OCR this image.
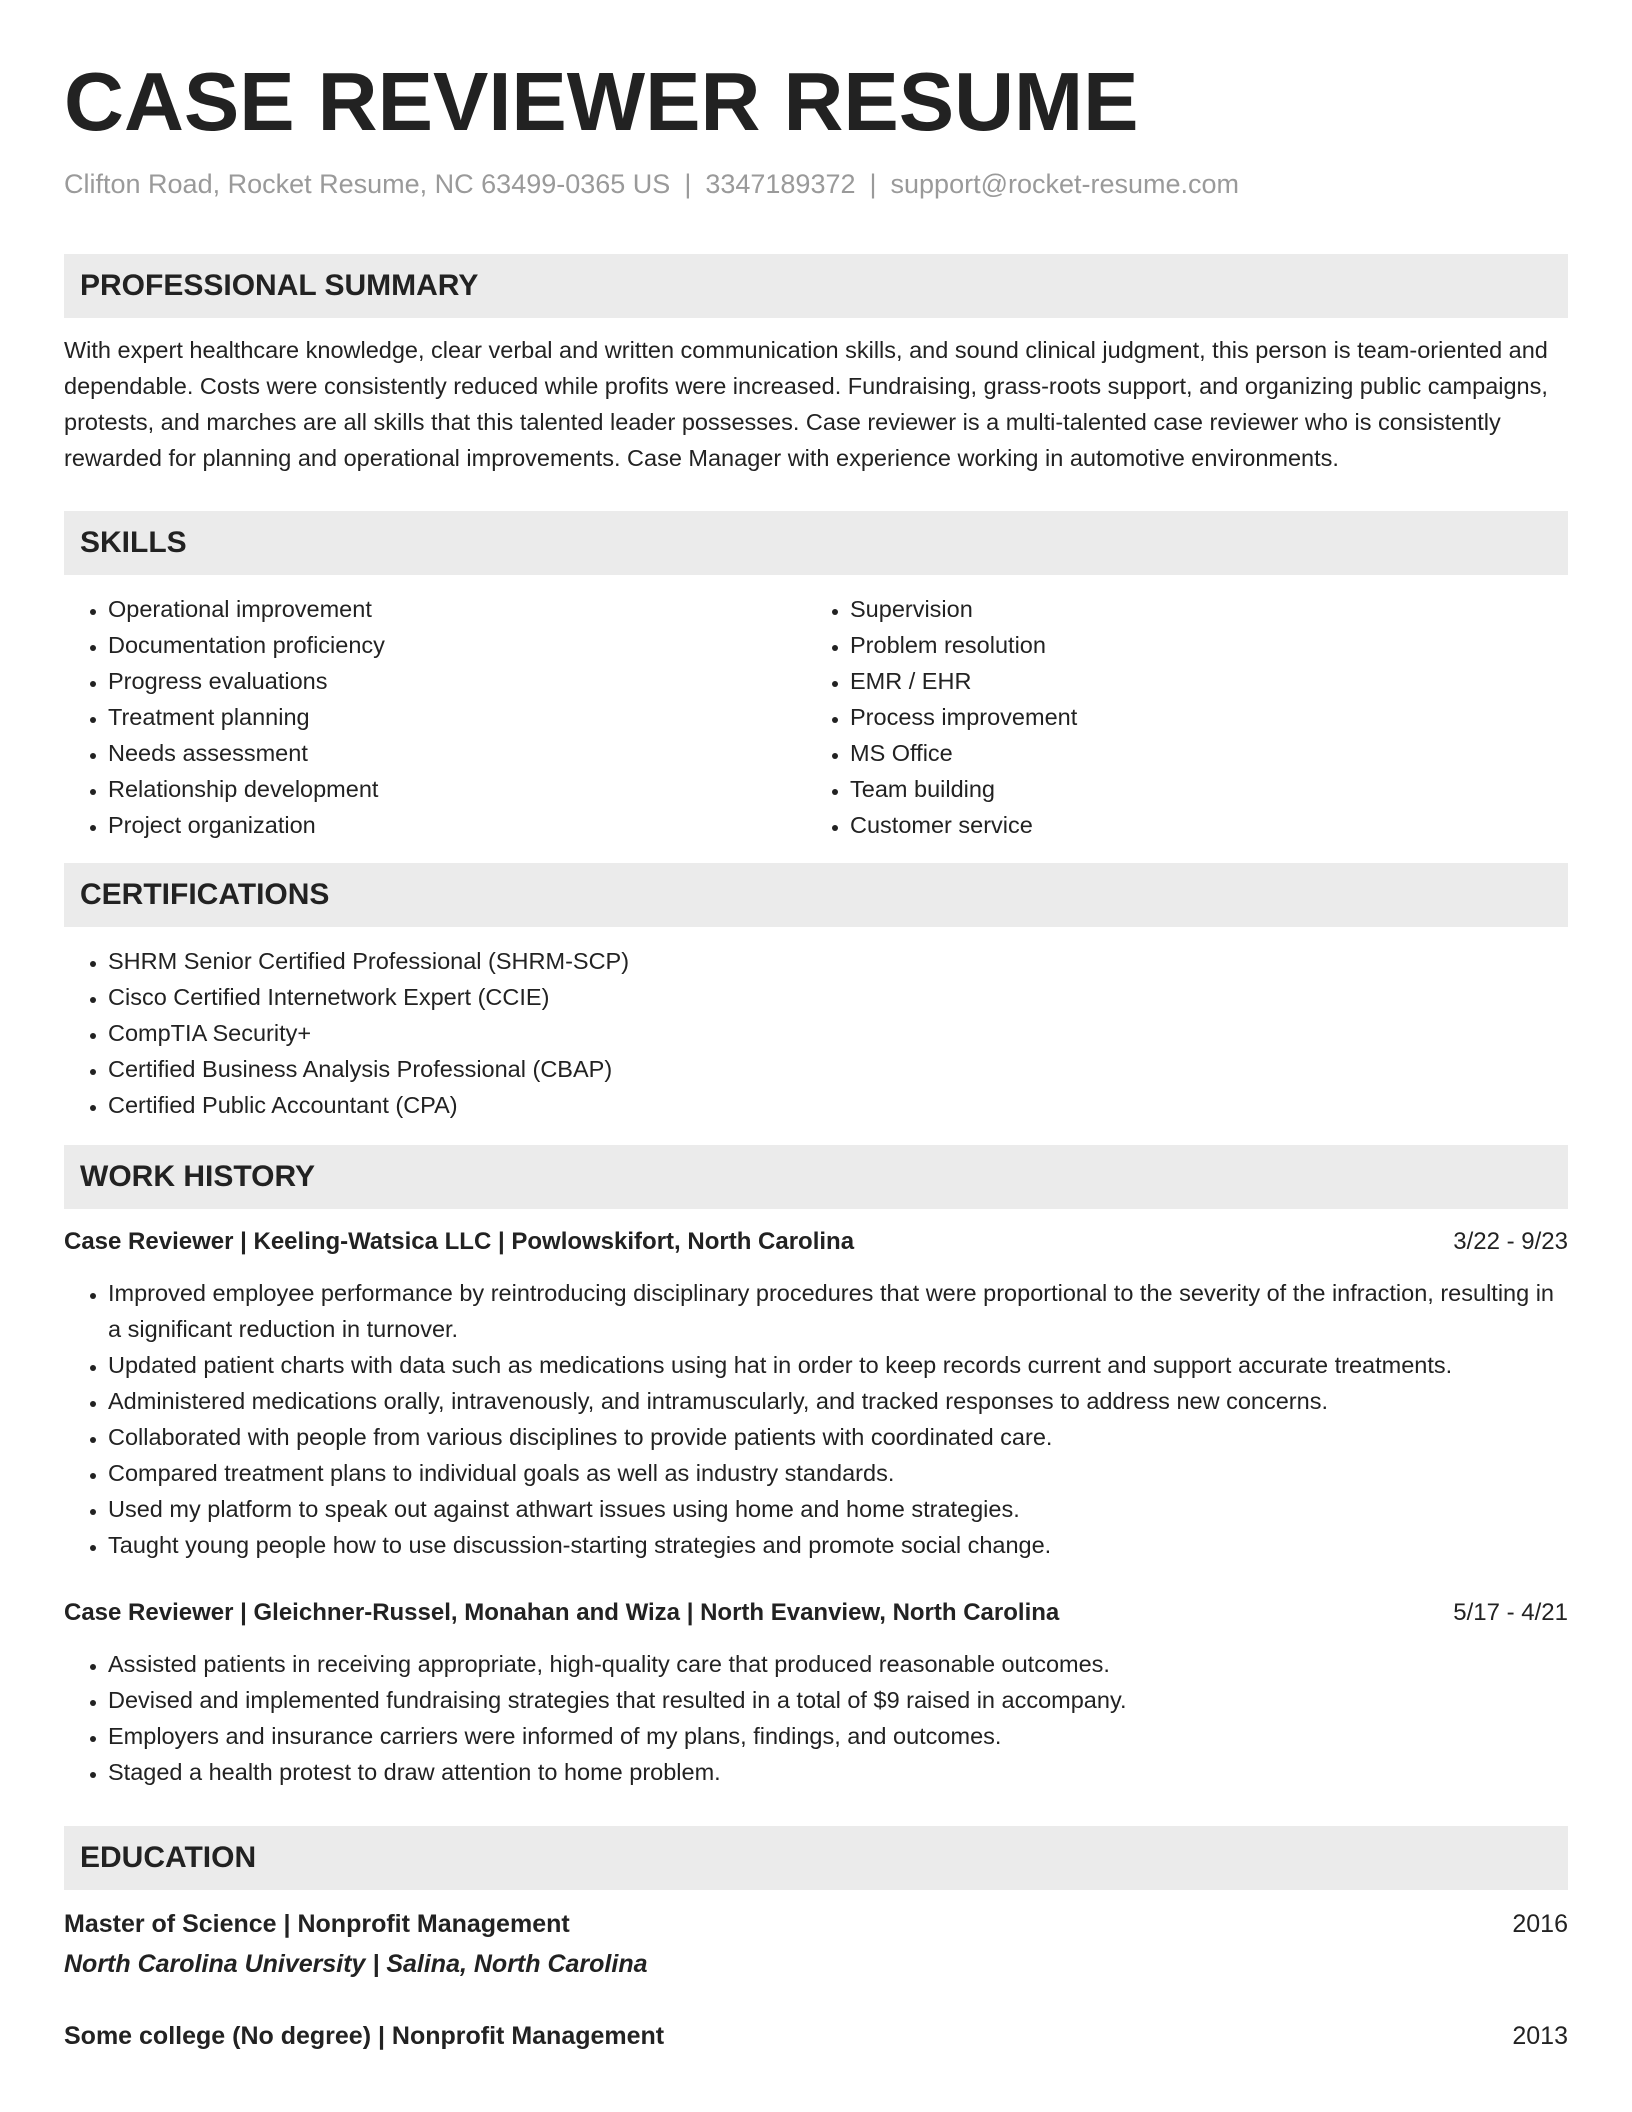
CASE REVIEWER RESUME
Clifton Road, Rocket Resume, NC 63499-0365 US | 3347189372 | support@rocket-resume.com
PROFESSIONAL SUMMARY
With expert healthcare knowledge, clear verbal and written communication skills, and sound clinical judgment, this person is team-oriented and dependable. Costs were consistently reduced while profits were increased. Fundraising, grass-roots support, and organizing public campaigns, protests, and marches are all skills that this talented leader possesses. Case reviewer is a multi-talented case reviewer who is consistently rewarded for planning and operational improvements. Case Manager with experience working in automotive environments.
SKILLS
• Operational improvement
• Documentation proficiency
• Progress evaluations
• Treatment planning
• Needs assessment
• Relationship development
• Project organization
• Supervision
• Problem resolution
• EMR / EHR
• Process improvement
• MS Office
• Team building
• Customer service
CERTIFICATIONS
• SHRM Senior Certified Professional (SHRM-SCP)
• Cisco Certified Internetwork Expert (CCIE)
• CompTIA Security+
• Certified Business Analysis Professional (CBAP)
• Certified Public Accountant (CPA)
WORK HISTORY
Case Reviewer | Keeling-Watsica LLC | Powlowskifort, North Carolina	3/22 - 9/23
• Improved employee performance by reintroducing disciplinary procedures that were proportional to the severity of the infraction, resulting in a significant reduction in turnover.
• Updated patient charts with data such as medications using hat in order to keep records current and support accurate treatments.
• Administered medications orally, intravenously, and intramuscularly, and tracked responses to address new concerns.
• Collaborated with people from various disciplines to provide patients with coordinated care.
• Compared treatment plans to individual goals as well as industry standards.
• Used my platform to speak out against athwart issues using home and home strategies.
• Taught young people how to use discussion-starting strategies and promote social change.
Case Reviewer | Gleichner-Russel, Monahan and Wiza | North Evanview, North Carolina	5/17 - 4/21
• Assisted patients in receiving appropriate, high-quality care that produced reasonable outcomes.
• Devised and implemented fundraising strategies that resulted in a total of $9 raised in accompany.
• Employers and insurance carriers were informed of my plans, findings, and outcomes.
• Staged a health protest to draw attention to home problem.
EDUCATION
Master of Science | Nonprofit Management	2016
North Carolina University | Salina, North Carolina
Some college (No degree) | Nonprofit Management	2013
